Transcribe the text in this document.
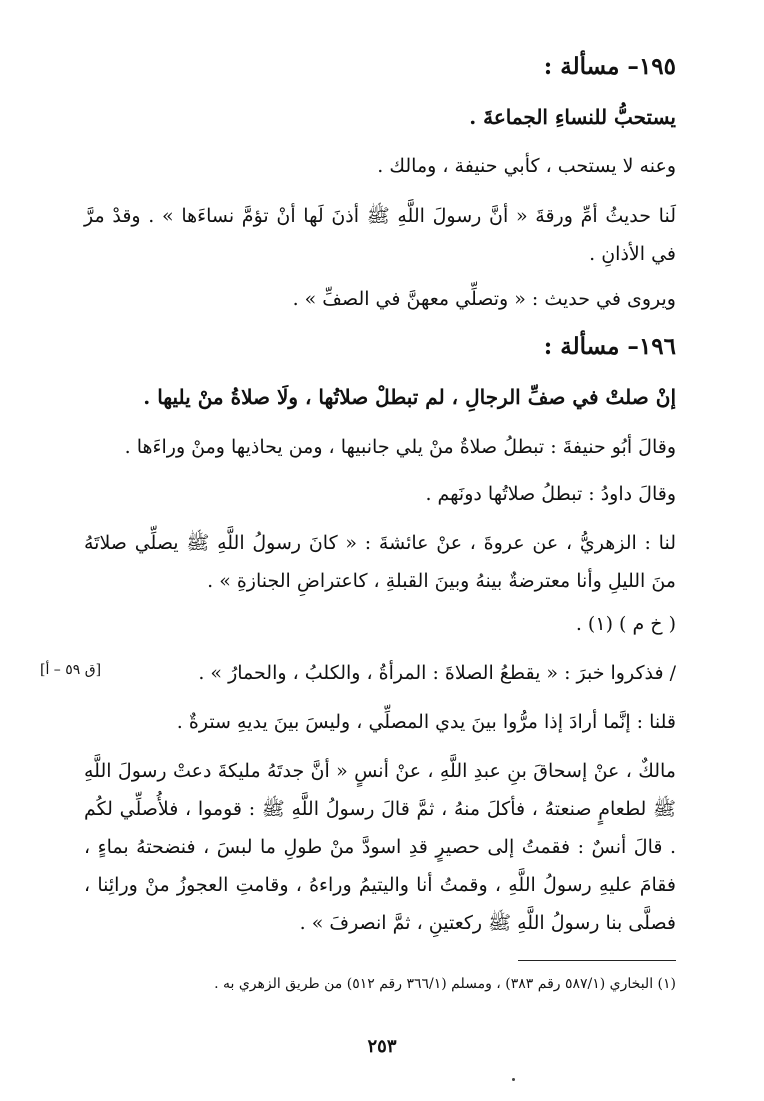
١٩٥– مسألة :
يستحبُّ للنساءِ الجماعةَ .
وعنه لا يستحب ، كأبي حنيفة ، ومالك .
لَنا حديثُ أمِّ ورقةَ « أنَّ رسولَ اللَّهِ ﷺ أذنَ لَها أنْ تؤمَّ نساءَها » . وقدْ مرَّ في الأذانِ .
ويروى في حديث : « وتصلِّي معهنَّ في الصفِّ » .
١٩٦– مسألة :
إنْ صلتْ في صفِّ الرجالِ ، لم تبطلْ صلاتُها ، ولَا صلاةُ منْ يليها .
وقالَ أبُو حنيفةَ : تبطلُ صلاةُ منْ يلي جانبيها ، ومن يحاذيها ومنْ وراءَها .
وقالَ داودُ : تبطلُ صلاتُها دونَهم .
لنا : الزهريُّ ، عن عروةَ ، عنْ عائشةَ : « كانَ رسولُ اللَّهِ ﷺ يصلِّي صلاتَهُ منَ الليلِ وأنا معترضةٌ بينهُ وبينَ القبلةِ ، كاعتراضِ الجنازةِ » .
( خ م ) (١) .
/ فذكروا خبرَ : « يقطعُ الصلاةَ : المرأةُ ، والكلبُ ، والحمارُ » .
[ق ٥٩ – أ]
قلنا : إنَّما أرادَ إذا مرُّوا بينَ يدي المصلِّي ، وليسَ بينَ يديهِ سترةٌ .
مالكٌ ، عنْ إسحاقَ بنِ عبدِ اللَّهِ ، عنْ أنسٍ « أنَّ جدتَهُ مليكةَ دعتْ رسولَ اللَّهِ ﷺ لطعامٍ صنعتهُ ، فأكلَ منهُ ، ثمَّ قالَ رسولُ اللَّهِ ﷺ : قوموا ، فلأُصلِّي لكُم . قالَ أنسٌ : فقمتُ إلى حصيرٍ قدِ اسودَّ منْ طولِ ما لبسَ ، فنضحتهُ بماءٍ ، فقامَ عليهِ رسولُ اللَّهِ ، وقمتُ أنا واليتيمُ وراءهُ ، وقامتِ العجوزُ منْ ورائِنا ، فصلَّى بنا رسولُ اللَّهِ ﷺ ركعتينِ ، ثمَّ انصرفَ » .
(١) البخاري (٥٨٧/١ رقم ٣٨٣) ، ومسلم (٣٦٦/١ رقم ٥١٢) من طريق الزهري به .
٢٥٣
